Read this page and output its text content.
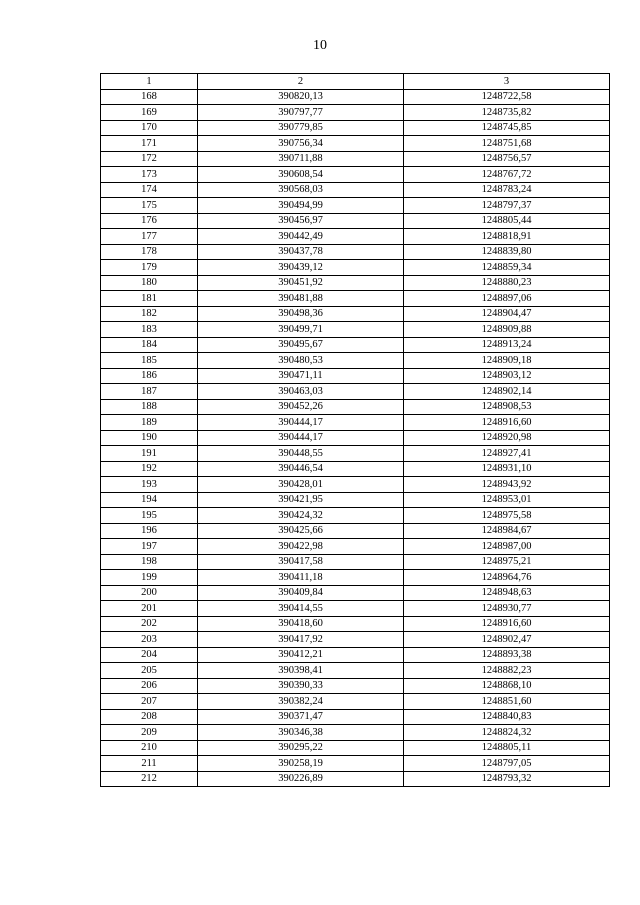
10
1	2	3
168	390820,13	1248722,58
169	390797,77	1248735,82
170	390779,85	1248745,85
171	390756,34	1248751,68
172	390711,88	1248756,57
173	390608,54	1248767,72
174	390568,03	1248783,24
175	390494,99	1248797,37
176	390456,97	1248805,44
177	390442,49	1248818,91
178	390437,78	1248839,80
179	390439,12	1248859,34
180	390451,92	1248880,23
181	390481,88	1248897,06
182	390498,36	1248904,47
183	390499,71	1248909,88
184	390495,67	1248913,24
185	390480,53	1248909,18
186	390471,11	1248903,12
187	390463,03	1248902,14
188	390452,26	1248908,53
189	390444,17	1248916,60
190	390444,17	1248920,98
191	390448,55	1248927,41
192	390446,54	1248931,10
193	390428,01	1248943,92
194	390421,95	1248953,01
195	390424,32	1248975,58
196	390425,66	1248984,67
197	390422,98	1248987,00
198	390417,58	1248975,21
199	390411,18	1248964,76
200	390409,84	1248948,63
201	390414,55	1248930,77
202	390418,60	1248916,60
203	390417,92	1248902,47
204	390412,21	1248893,38
205	390398,41	1248882,23
206	390390,33	1248868,10
207	390382,24	1248851,60
208	390371,47	1248840,83
209	390346,38	1248824,32
210	390295,22	1248805,11
211	390258,19	1248797,05
212	390226,89	1248793,32
